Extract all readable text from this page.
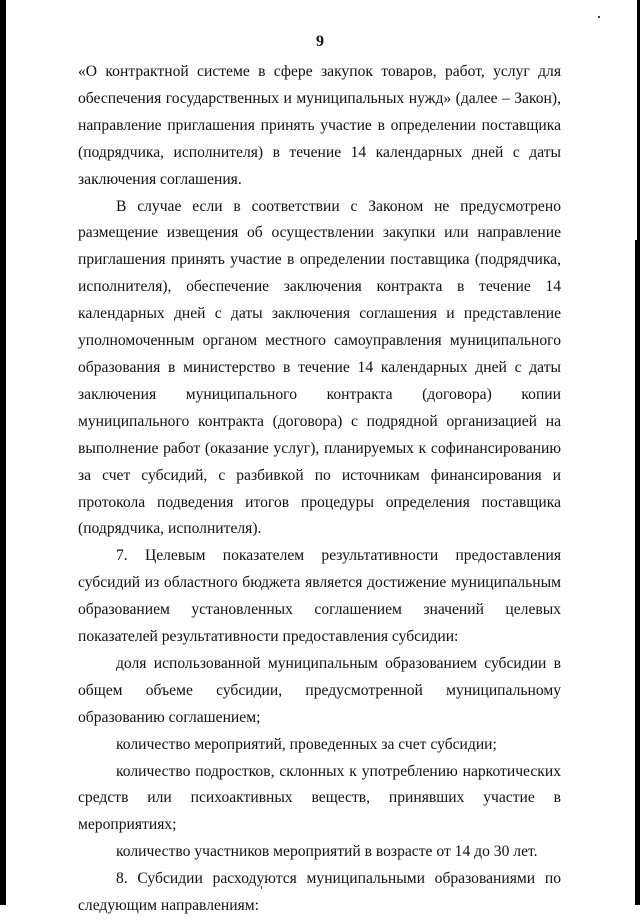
9

«О контрактной системе в сфере закупок товаров, работ, услуг для обеспечения государственных и муниципальных нужд» (далее – Закон), направление приглашения принять участие в определении поставщика (подрядчика, исполнителя) в течение 14 календарных дней с даты заключения соглашения.

В случае если в соответствии с Законом не предусмотрено размещение извещения об осуществлении закупки или направление приглашения принять участие в определении поставщика (подрядчика, исполнителя), обеспечение заключения контракта в течение 14 календарных дней с даты заключения соглашения и представление уполномоченным органом местного самоуправления муниципального образования в министерство в течение 14 календарных дней с даты заключения муниципального контракта (договора) копии муниципального контракта (договора) с подрядной организацией на выполнение работ (оказание услуг), планируемых к софинансированию за счет субсидий, с разбивкой по источникам финансирования и протокола подведения итогов процедуры определения поставщика (подрядчика, исполнителя).

7. Целевым показателем результативности предоставления субсидий из областного бюджета является достижение муниципальным образованием установленных соглашением значений целевых показателей результативности предоставления субсидии:

доля использованной муниципальным образованием субсидии в общем объеме субсидии, предусмотренной муниципальному образованию соглашением;

количество мероприятий, проведенных за счет субсидии;

количество подростков, склонных к употреблению наркотических средств или психоактивных веществ, принявших участие в мероприятиях;

количество участников мероприятий в возрасте от 14 до 30 лет.

8. Субсидии расходуются муниципальными образованиями по следующим направлениям:
